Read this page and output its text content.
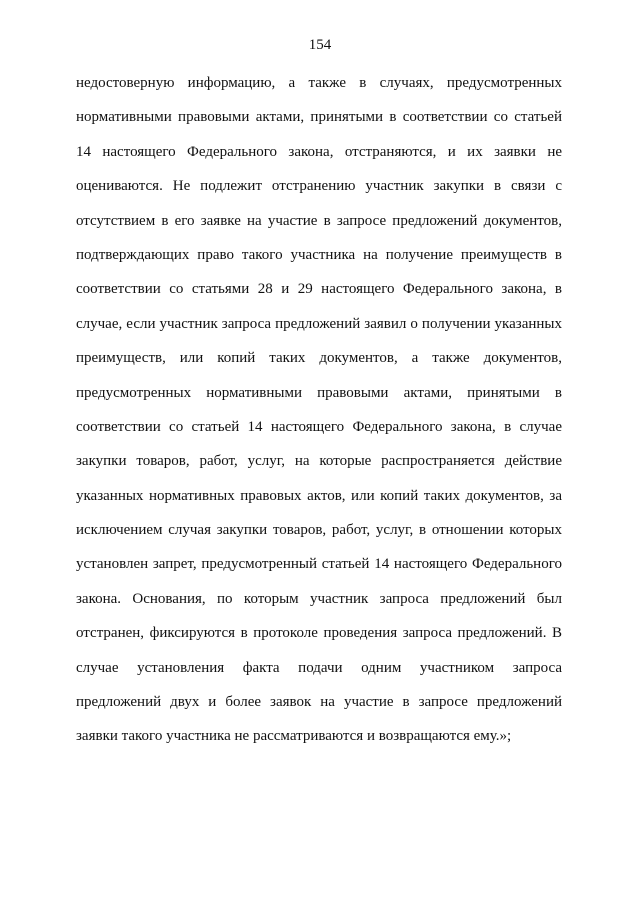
154
недостоверную информацию, а также в случаях, предусмотренных
нормативными правовыми актами, принятыми в соответствии со статьей
14 настоящего Федерального закона, отстраняются, и их заявки не
оцениваются. Не подлежит отстранению участник закупки в связи с
отсутствием в его заявке на участие в запросе предложений документов,
подтверждающих право такого участника на получение преимуществ в
соответствии со статьями 28 и 29 настоящего Федерального закона, в
случае, если участник запроса предложений заявил о получении указанных
преимуществ, или копий таких документов, а также документов,
предусмотренных нормативными правовыми актами, принятыми в
соответствии со статьей 14 настоящего Федерального закона, в случае
закупки товаров, работ, услуг, на которые распространяется действие
указанных нормативных правовых актов, или копий таких документов, за
исключением случая закупки товаров, работ, услуг, в отношении которых
установлен запрет, предусмотренный статьей 14 настоящего Федерального
закона. Основания, по которым участник запроса предложений был
отстранен, фиксируются в протоколе проведения запроса предложений. В
случае установления факта подачи одним участником запроса
предложений двух и более заявок на участие в запросе предложений
заявки такого участника не рассматриваются и возвращаются ему.»;
